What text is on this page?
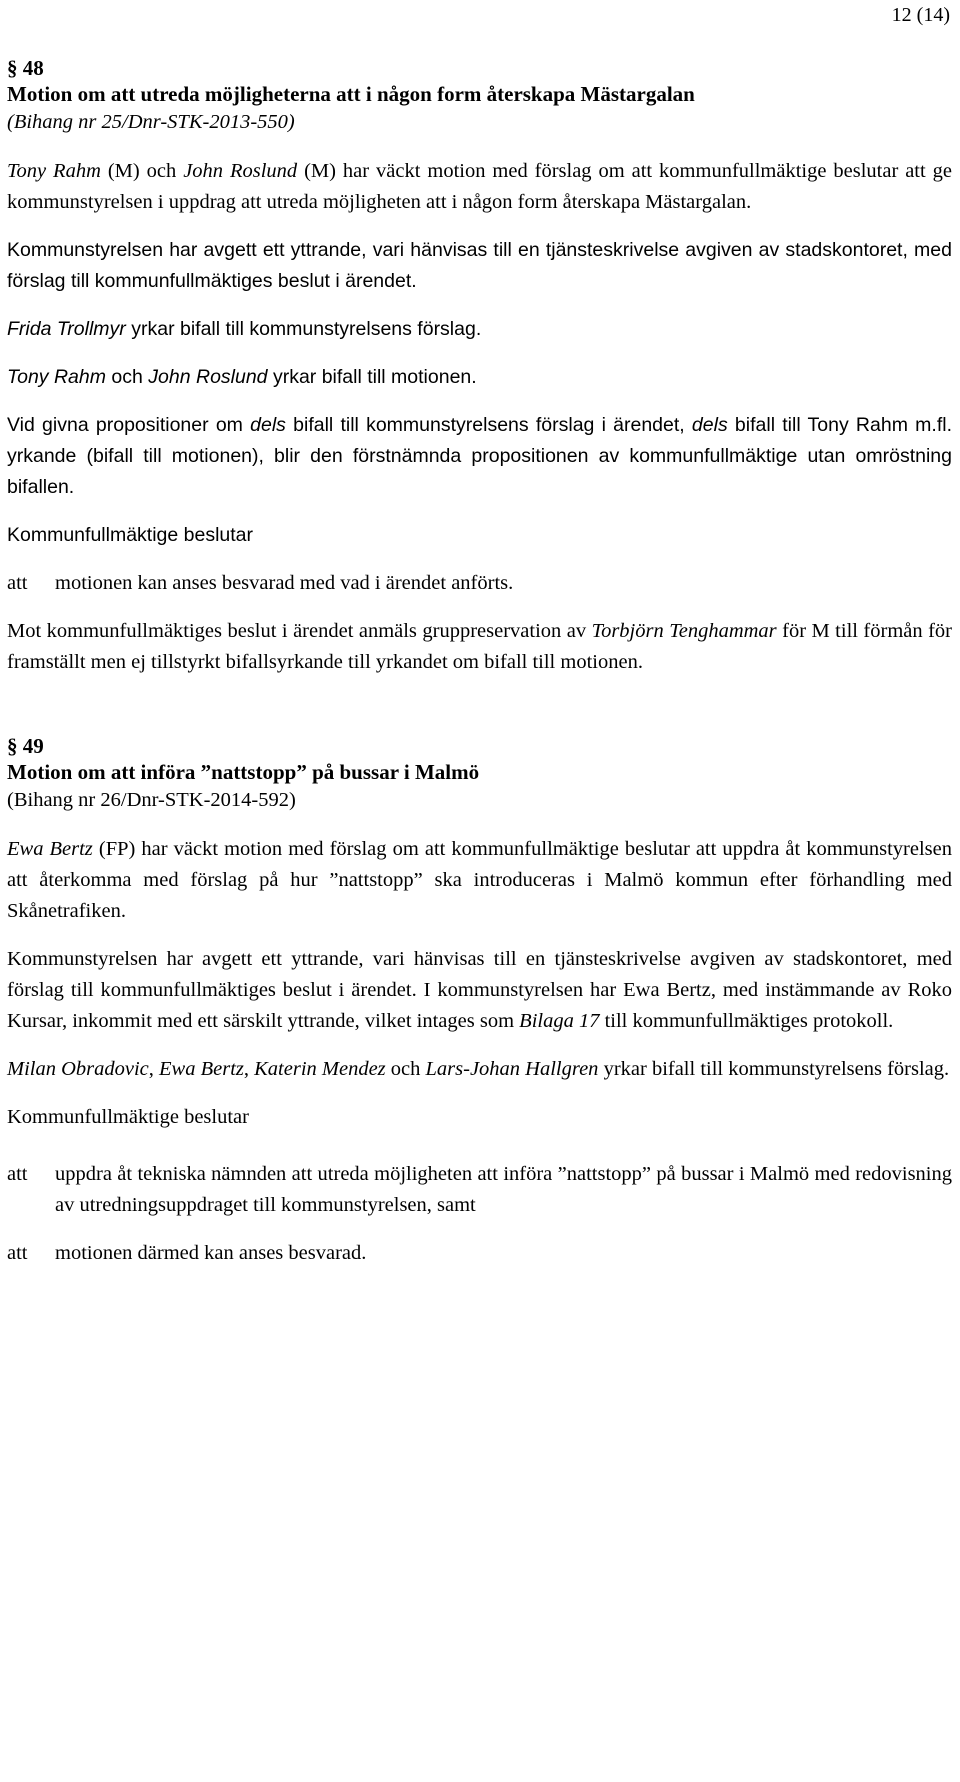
12 (14)
§ 48
Motion om att utreda möjligheterna att i någon form återskapa Mästargalan
(Bihang nr 25/Dnr-STK-2013-550)

Tony Rahm (M) och John Roslund (M) har väckt motion med förslag om att kommunfullmäktige beslutar att ge kommunstyrelsen i uppdrag att utreda möjligheten att i någon form återskapa Mästargalan.

Kommunstyrelsen har avgett ett yttrande, vari hänvisas till en tjänsteskrivelse avgiven av stadskontoret, med förslag till kommunfullmäktiges beslut i ärendet.

Frida Trollmyr yrkar bifall till kommunstyrelsens förslag.

Tony Rahm och John Roslund yrkar bifall till motionen.

Vid givna propositioner om dels bifall till kommunstyrelsens förslag i ärendet, dels bifall till Tony Rahm m.fl. yrkande (bifall till motionen), blir den förstnämnda propositionen av kommunfullmäktige utan omröstning bifallen.

Kommunfullmäktige beslutar

att	motionen kan anses besvarad med vad i ärendet anförts.

Mot kommunfullmäktiges beslut i ärendet anmäls gruppreservation av Torbjörn Tenghammar för M till förmån för framställt men ej tillstyrkt bifallsyrkande till yrkandet om bifall till motionen.

§ 49
Motion om att införa ”nattstopp” på bussar i Malmö
(Bihang nr 26/Dnr-STK-2014-592)

Ewa Bertz (FP) har väckt motion med förslag om att kommunfullmäktige beslutar att uppdra åt kommunstyrelsen att återkomma med förslag på hur ”nattstopp” ska introduceras i Malmö kommun efter förhandling med Skånetrafiken.

Kommunstyrelsen har avgett ett yttrande, vari hänvisas till en tjänsteskrivelse avgiven av stadskontoret, med förslag till kommunfullmäktiges beslut i ärendet. I kommunstyrelsen har Ewa Bertz, med instämmande av Roko Kursar, inkommit med ett särskilt yttrande, vilket intages som Bilaga 17 till kommunfullmäktiges protokoll.

Milan Obradovic, Ewa Bertz, Katerin Mendez och Lars-Johan Hallgren yrkar bifall till kommunstyrelsens förslag.

Kommunfullmäktige beslutar

att	uppdra åt tekniska nämnden att utreda möjligheten att införa ”nattstopp” på bussar i Malmö med redovisning av utredningsuppdraget till kommunstyrelsen, samt

att	motionen därmed kan anses besvarad.
